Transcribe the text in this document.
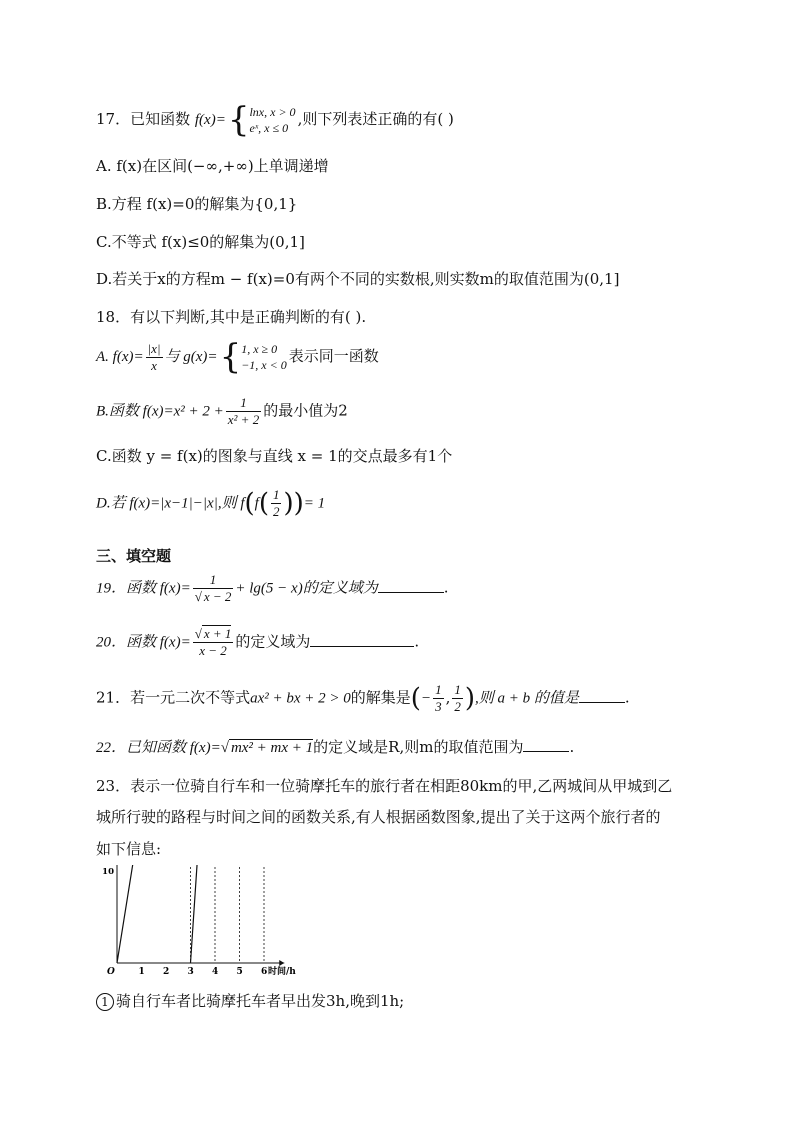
17．已知函数 f(x)={ lnx, x > 0
eˣ, x ≤ 0 ,则下列表述正确的有( )
A. f(x)在区间(−∞,+∞)上单调递增
B.方程 f(x)=0的解集为{0,1}
C.不等式 f(x)≤0的解集为(0,1]
D.若关于x的方程m − f(x)=0有两个不同的实数根,则实数m的取值范围为(0,1]
18．有以下判断,其中是正确判断的有( ).
A. $f(x)= \frac{|x|}{x}$ 与 g(x)={ 1, x ≥ 0
−1, x < 0 表示同一函数
B.函数 $f(x)=x^2 + 2 + \frac{1}{\text{x² + 2}}$ 的最小值为2
C.函数 y = f(x)的图象与直线 x = 1的交点最多有1个
D.若 f(x)=|x−1|−|x|,则 $f(f( \frac{1}{2}$ ))= 1
三、填空题
19．函数 $f(x)= \frac{1}{√ x - 2} + \lg(5 - x)$的定义域为	.
20．函数 $f(x)= \frac{√ x + 1}{x - 2}$ 的定义域为	.
21．若一元二次不等式ax² + bx + 2 > 0的解集是(− $\frac{1}{3}$ , $\frac{1}{2}$ ),则 a + b 的值是	.
22．已知函数 f(x)=√ mx² + mx + 1的定义域是R,则m的取值范围为	.
23．表示一位骑自行车和一位骑摩托车的旅行者在相距80km的甲,乙两城间从甲城到乙
城所行驶的路程与时间之间的函数关系,有人根据函数图象,提出了关于这两个旅行者的
如下信息:
时间/h
O	1 2 3 4 5 6
10
1 骑自行车者比骑摩托车者早出发3h,晚到1h;
